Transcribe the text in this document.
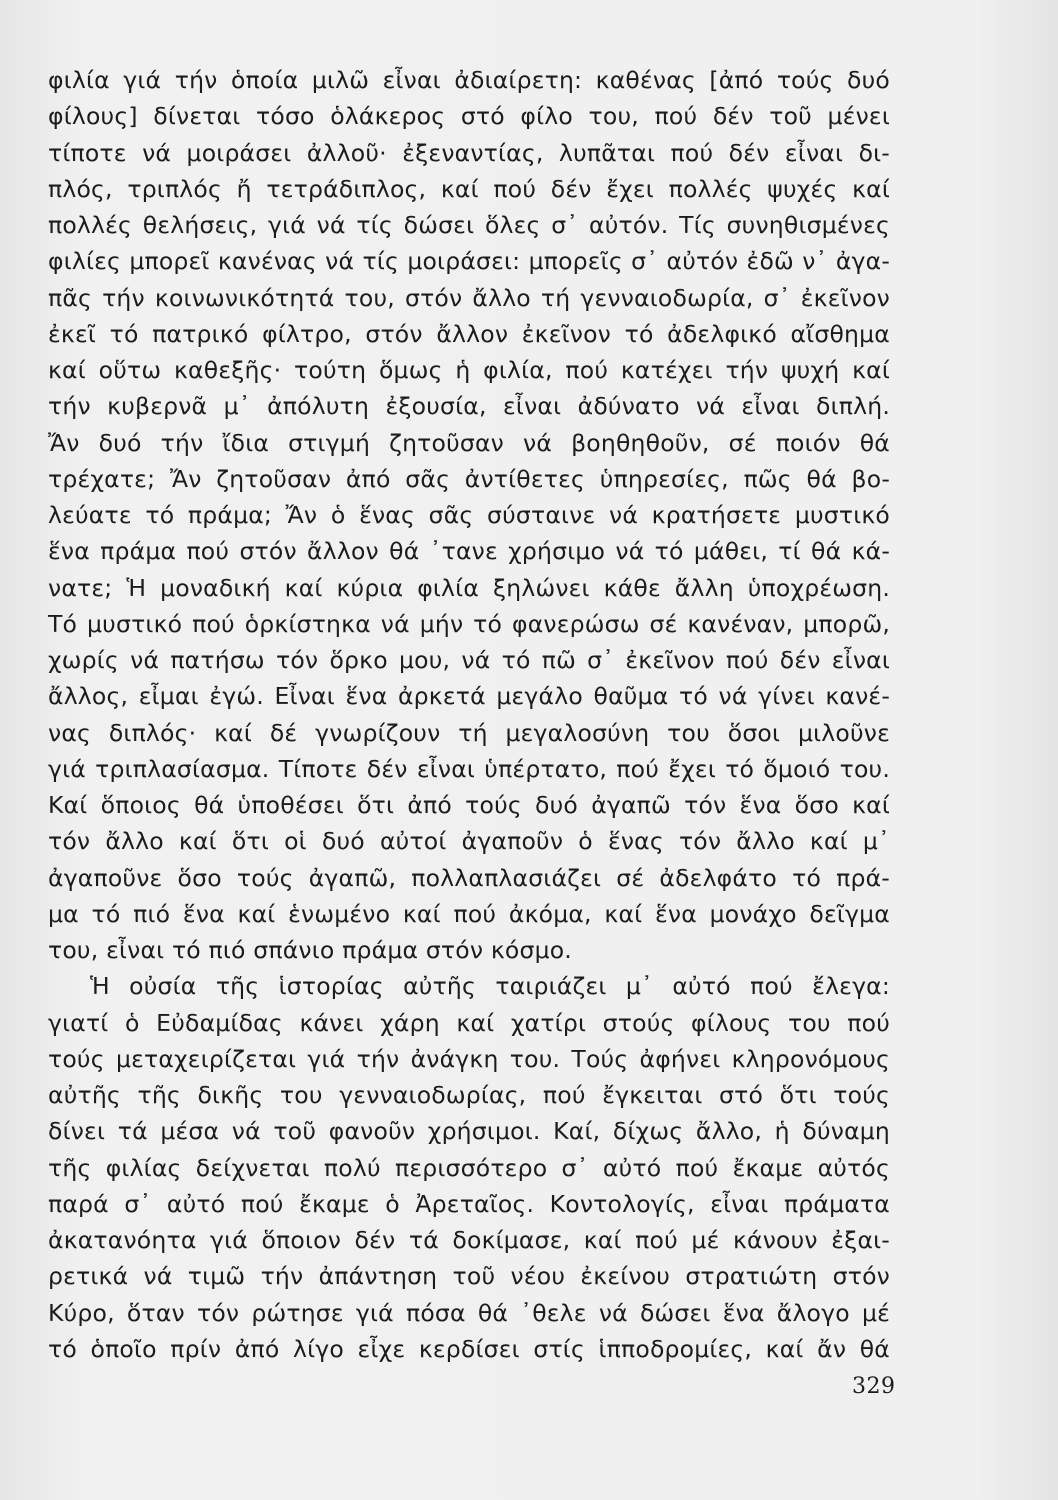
φιλία γιά τήν ὁποία μιλῶ εἶναι ἀδιαίρετη: καθένας [ἀπό τούς δυό
φίλους] δίνεται τόσο ὁλάκερος στό φίλο του, πού δέν τοῦ μένει
τίποτε νά μοιράσει ἀλλοῦ· ἐξεναντίας, λυπᾶται πού δέν εἶναι δι-
πλός, τριπλός ἤ τετράδιπλος, καί πού δέν ἔχει πολλές ψυχές καί
πολλές θελήσεις, γιά νά τίς δώσει ὅλες σ᾽ αὐτόν. Τίς συνηθισμένες
φιλίες μπορεῖ κανένας νά τίς μοιράσει: μπορεῖς σ᾽ αὐτόν ἐδῶ ν᾽ ἀγα-
πᾶς τήν κοινωνικότητά του, στόν ἄλλο τή γενναιοδωρία, σ᾽ ἐκεῖνον
ἐκεῖ τό πατρικό φίλτρο, στόν ἄλλον ἐκεῖνον τό ἀδελφικό αἴσθημα
καί οὕτω καθεξῆς· τούτη ὅμως ἡ φιλία, πού κατέχει τήν ψυχή καί
τήν κυβερνᾶ μ᾽ ἀπόλυτη ἐξουσία, εἶναι ἀδύνατο νά εἶναι διπλή.
Ἄν δυό τήν ἴδια στιγμή ζητοῦσαν νά βοηθηθοῦν, σέ ποιόν θά
τρέχατε; Ἄν ζητοῦσαν ἀπό σᾶς ἀντίθετες ὑπηρεσίες, πῶς θά βο-
λεύατε τό πράμα; Ἄν ὁ ἕνας σᾶς σύσταινε νά κρατήσετε μυστικό
ἕνα πράμα πού στόν ἄλλον θά ᾽τανε χρήσιμο νά τό μάθει, τί θά κά-
νατε; Ἡ μοναδική καί κύρια φιλία ξηλώνει κάθε ἄλλη ὑποχρέωση.
Τό μυστικό πού ὁρκίστηκα νά μήν τό φανερώσω σέ κανέναν, μπορῶ,
χωρίς νά πατήσω τόν ὅρκο μου, νά τό πῶ σ᾽ ἐκεῖνον πού δέν εἶναι
ἄλλος, εἶμαι ἐγώ. Εἶναι ἕνα ἀρκετά μεγάλο θαῦμα τό νά γίνει κανέ-
νας διπλός· καί δέ γνωρίζουν τή μεγαλοσύνη του ὅσοι μιλοῦνε
γιά τριπλασίασμα. Τίποτε δέν εἶναι ὑπέρτατο, πού ἔχει τό ὅμοιό του.
Καί ὅποιος θά ὑποθέσει ὅτι ἀπό τούς δυό ἀγαπῶ τόν ἕνα ὅσο καί
τόν ἄλλο καί ὅτι οἱ δυό αὐτοί ἀγαποῦν ὁ ἕνας τόν ἄλλο καί μ᾽
ἀγαποῦνε ὅσο τούς ἀγαπῶ, πολλαπλασιάζει σέ ἀδελφάτο τό πρά-
μα τό πιό ἕνα καί ἑνωμένο καί πού ἀκόμα, καί ἕνα μονάχο δεῖγμα
του, εἶναι τό πιό σπάνιο πράμα στόν κόσμο.
Ἡ οὐσία τῆς ἱστορίας αὐτῆς ταιριάζει μ᾽ αὐτό πού ἔλεγα:
γιατί ὁ Εὐδαμίδας κάνει χάρη καί χατίρι στούς φίλους του πού
τούς μεταχειρίζεται γιά τήν ἀνάγκη του. Τούς ἀφήνει κληρονόμους
αὐτῆς τῆς δικῆς του γενναιοδωρίας, πού ἔγκειται στό ὅτι τούς
δίνει τά μέσα νά τοῦ φανοῦν χρήσιμοι. Καί, δίχως ἄλλο, ἡ δύναμη
τῆς φιλίας δείχνεται πολύ περισσότερο σ᾽ αὐτό πού ἔκαμε αὐτός
παρά σ᾽ αὐτό πού ἔκαμε ὁ Ἀρεταῖος. Κοντολογίς, εἶναι πράματα
ἀκατανόητα γιά ὅποιον δέν τά δοκίμασε, καί πού μέ κάνουν ἐξαι-
ρετικά νά τιμῶ τήν ἀπάντηση τοῦ νέου ἐκείνου στρατιώτη στόν
Κύρο, ὅταν τόν ρώτησε γιά πόσα θά ᾽θελε νά δώσει ἕνα ἄλογο μέ
τό ὁποῖο πρίν ἀπό λίγο εἶχε κερδίσει στίς ἱπποδρομίες, καί ἄν θά
329
